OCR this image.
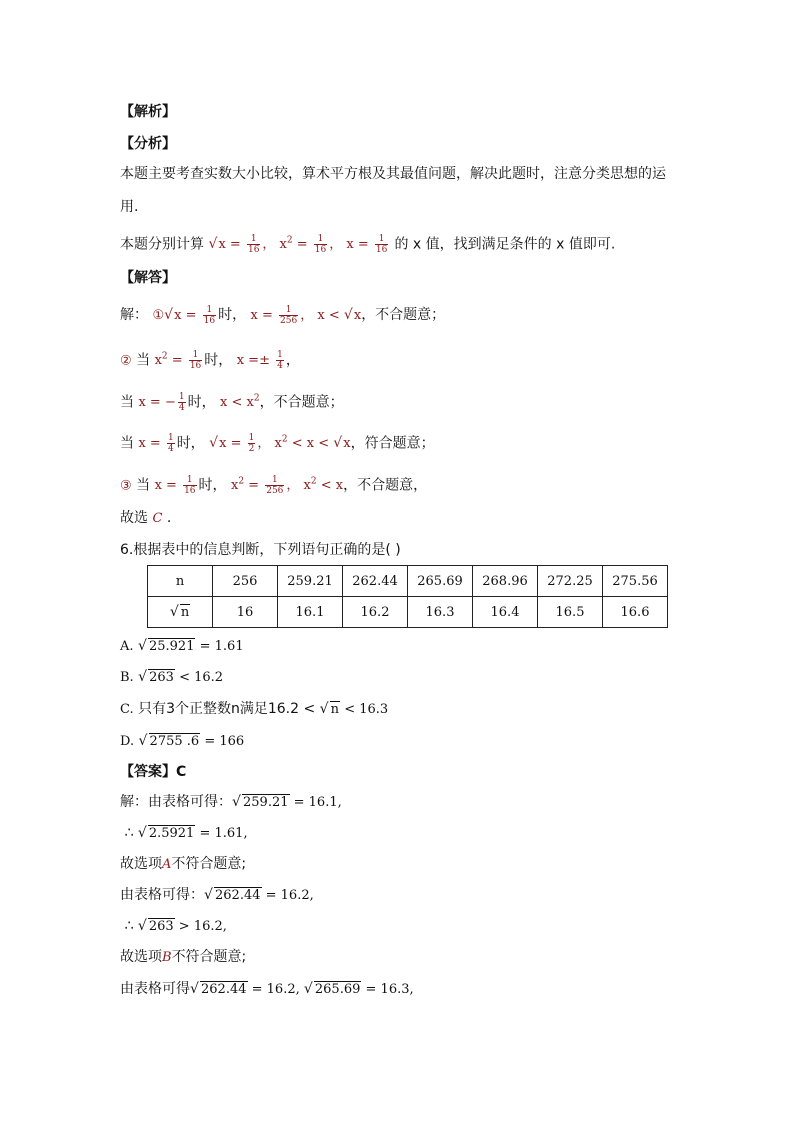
【解析】
【分析】
本题主要考查实数大小比较，算术平方根及其最值问题，解决此题时，注意分类思想的运
用.
本题分别计算 √ $x = \frac{1}{16}$ ， $x^2 = \frac{1}{16}$ ， $x = \frac{1}{16}$ 的 x 值，找到满足条件的 x 值即可.
【解答】
解： ① √ $x = \frac{1}{16}$ 时， $x = \frac{1}{256}$ ， x < √ x，不合题意；
② 当 $x^2 = \frac{1}{16}$ 时， $x =\pm \frac{1}{4}$ ，
当 x = − $\frac{1}{4}$ 时， $x < x^2$，不合题意；
当 $x = \frac{1}{4}$ 时， √ $x = \frac{1}{2}$ ， $x^2 < x$ < √ x，符合题意；
③ 当 $x = \frac{1}{16}$ 时， $x^2 = \frac{1}{256}$ ， $x^2 < x$，不合题意，
故选 C .
6.根据表中的信息判断，下列语句正确的是( )
n	256	259.21	262.44	265.69	268.96	272.25	275.56
√ n	16	16.1	16.2	16.3	16.4	16.5	16.6
A. √ 25.921 = 1.61
B. √ 263 < 16.2
C. 只有3个正整数n满足16.2 < √ n < 16.3
D. √ 2755 .6 = 166
【答案】C
解：由表格可得： √ 259.21 = 16.1,
∴ √ 2.5921 = 1.61,
故选项A不符合题意;
由表格可得： √ 262.44 = 16.2,
∴ √ 263 > 16.2,
故选项B不符合题意;
由表格可得 √ 262.44 = 16.2, √ 265.69 = 16.3,
